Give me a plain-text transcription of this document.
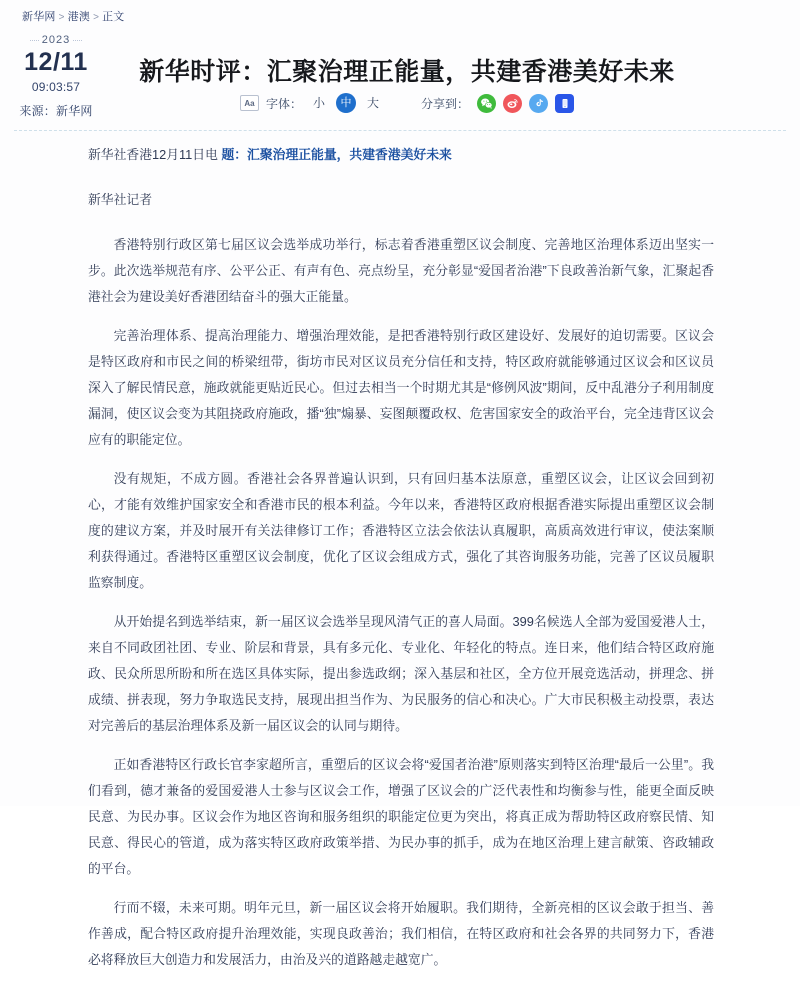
新华网 > 港澳 > 正文
2023
12/11
09:03:57
来源：新华网
新华时评：汇聚治理正能量，共建香港美好未来
Aa 字体： 小	中	大	分享到：

新华社香港12月11日电 题：汇聚治理正能量，共建香港美好未来

新华社记者

香港特别行政区第七届区议会选举成功举行，标志着香港重塑区议会制度、完善地区治理体系迈出坚实一步。此次选举规范有序、公平公正、有声有色、亮点纷呈，充分彰显“爱国者治港”下良政善治新气象，汇聚起香港社会为建设美好香港团结奋斗的强大正能量。

完善治理体系、提高治理能力、增强治理效能，是把香港特别行政区建设好、发展好的迫切需要。区议会是特区政府和市民之间的桥梁纽带，街坊市民对区议员充分信任和支持，特区政府就能够通过区议会和区议员深入了解民情民意，施政就能更贴近民心。但过去相当一个时期尤其是“修例风波”期间，反中乱港分子利用制度漏洞，使区议会变为其阻挠政府施政，播“独”煽暴、妄图颠覆政权、危害国家安全的政治平台，完全违背区议会应有的职能定位。

没有规矩，不成方圆。香港社会各界普遍认识到，只有回归基本法原意，重塑区议会，让区议会回到初心，才能有效维护国家安全和香港市民的根本利益。今年以来，香港特区政府根据香港实际提出重塑区议会制度的建议方案，并及时展开有关法律修订工作；香港特区立法会依法认真履职，高质高效进行审议，使法案顺利获得通过。香港特区重塑区议会制度，优化了区议会组成方式，强化了其咨询服务功能，完善了区议员履职监察制度。

从开始提名到选举结束，新一届区议会选举呈现风清气正的喜人局面。399名候选人全部为爱国爱港人士，来自不同政团社团、专业、阶层和背景，具有多元化、专业化、年轻化的特点。连日来，他们结合特区政府施政、民众所思所盼和所在选区具体实际，提出参选政纲；深入基层和社区，全方位开展竞选活动，拼理念、拼成绩、拼表现，努力争取选民支持，展现出担当作为、为民服务的信心和决心。广大市民积极主动投票，表达对完善后的基层治理体系及新一届区议会的认同与期待。

正如香港特区行政长官李家超所言，重塑后的区议会将“爱国者治港”原则落实到特区治理“最后一公里”。我们看到，德才兼备的爱国爱港人士参与区议会工作，增强了区议会的广泛代表性和均衡参与性，能更全面反映民意、为民办事。区议会作为地区咨询和服务组织的职能定位更为突出，将真正成为帮助特区政府察民情、知民意、得民心的管道，成为落实特区政府政策举措、为民办事的抓手，成为在地区治理上建言献策、咨政辅政的平台。

行而不辍，未来可期。明年元旦，新一届区议会将开始履职。我们期待，全新亮相的区议会敢于担当、善作善成，配合特区政府提升治理效能，实现良政善治；我们相信，在特区政府和社会各界的共同努力下，香港必将释放巨大创造力和发展活力，由治及兴的道路越走越宽广。
